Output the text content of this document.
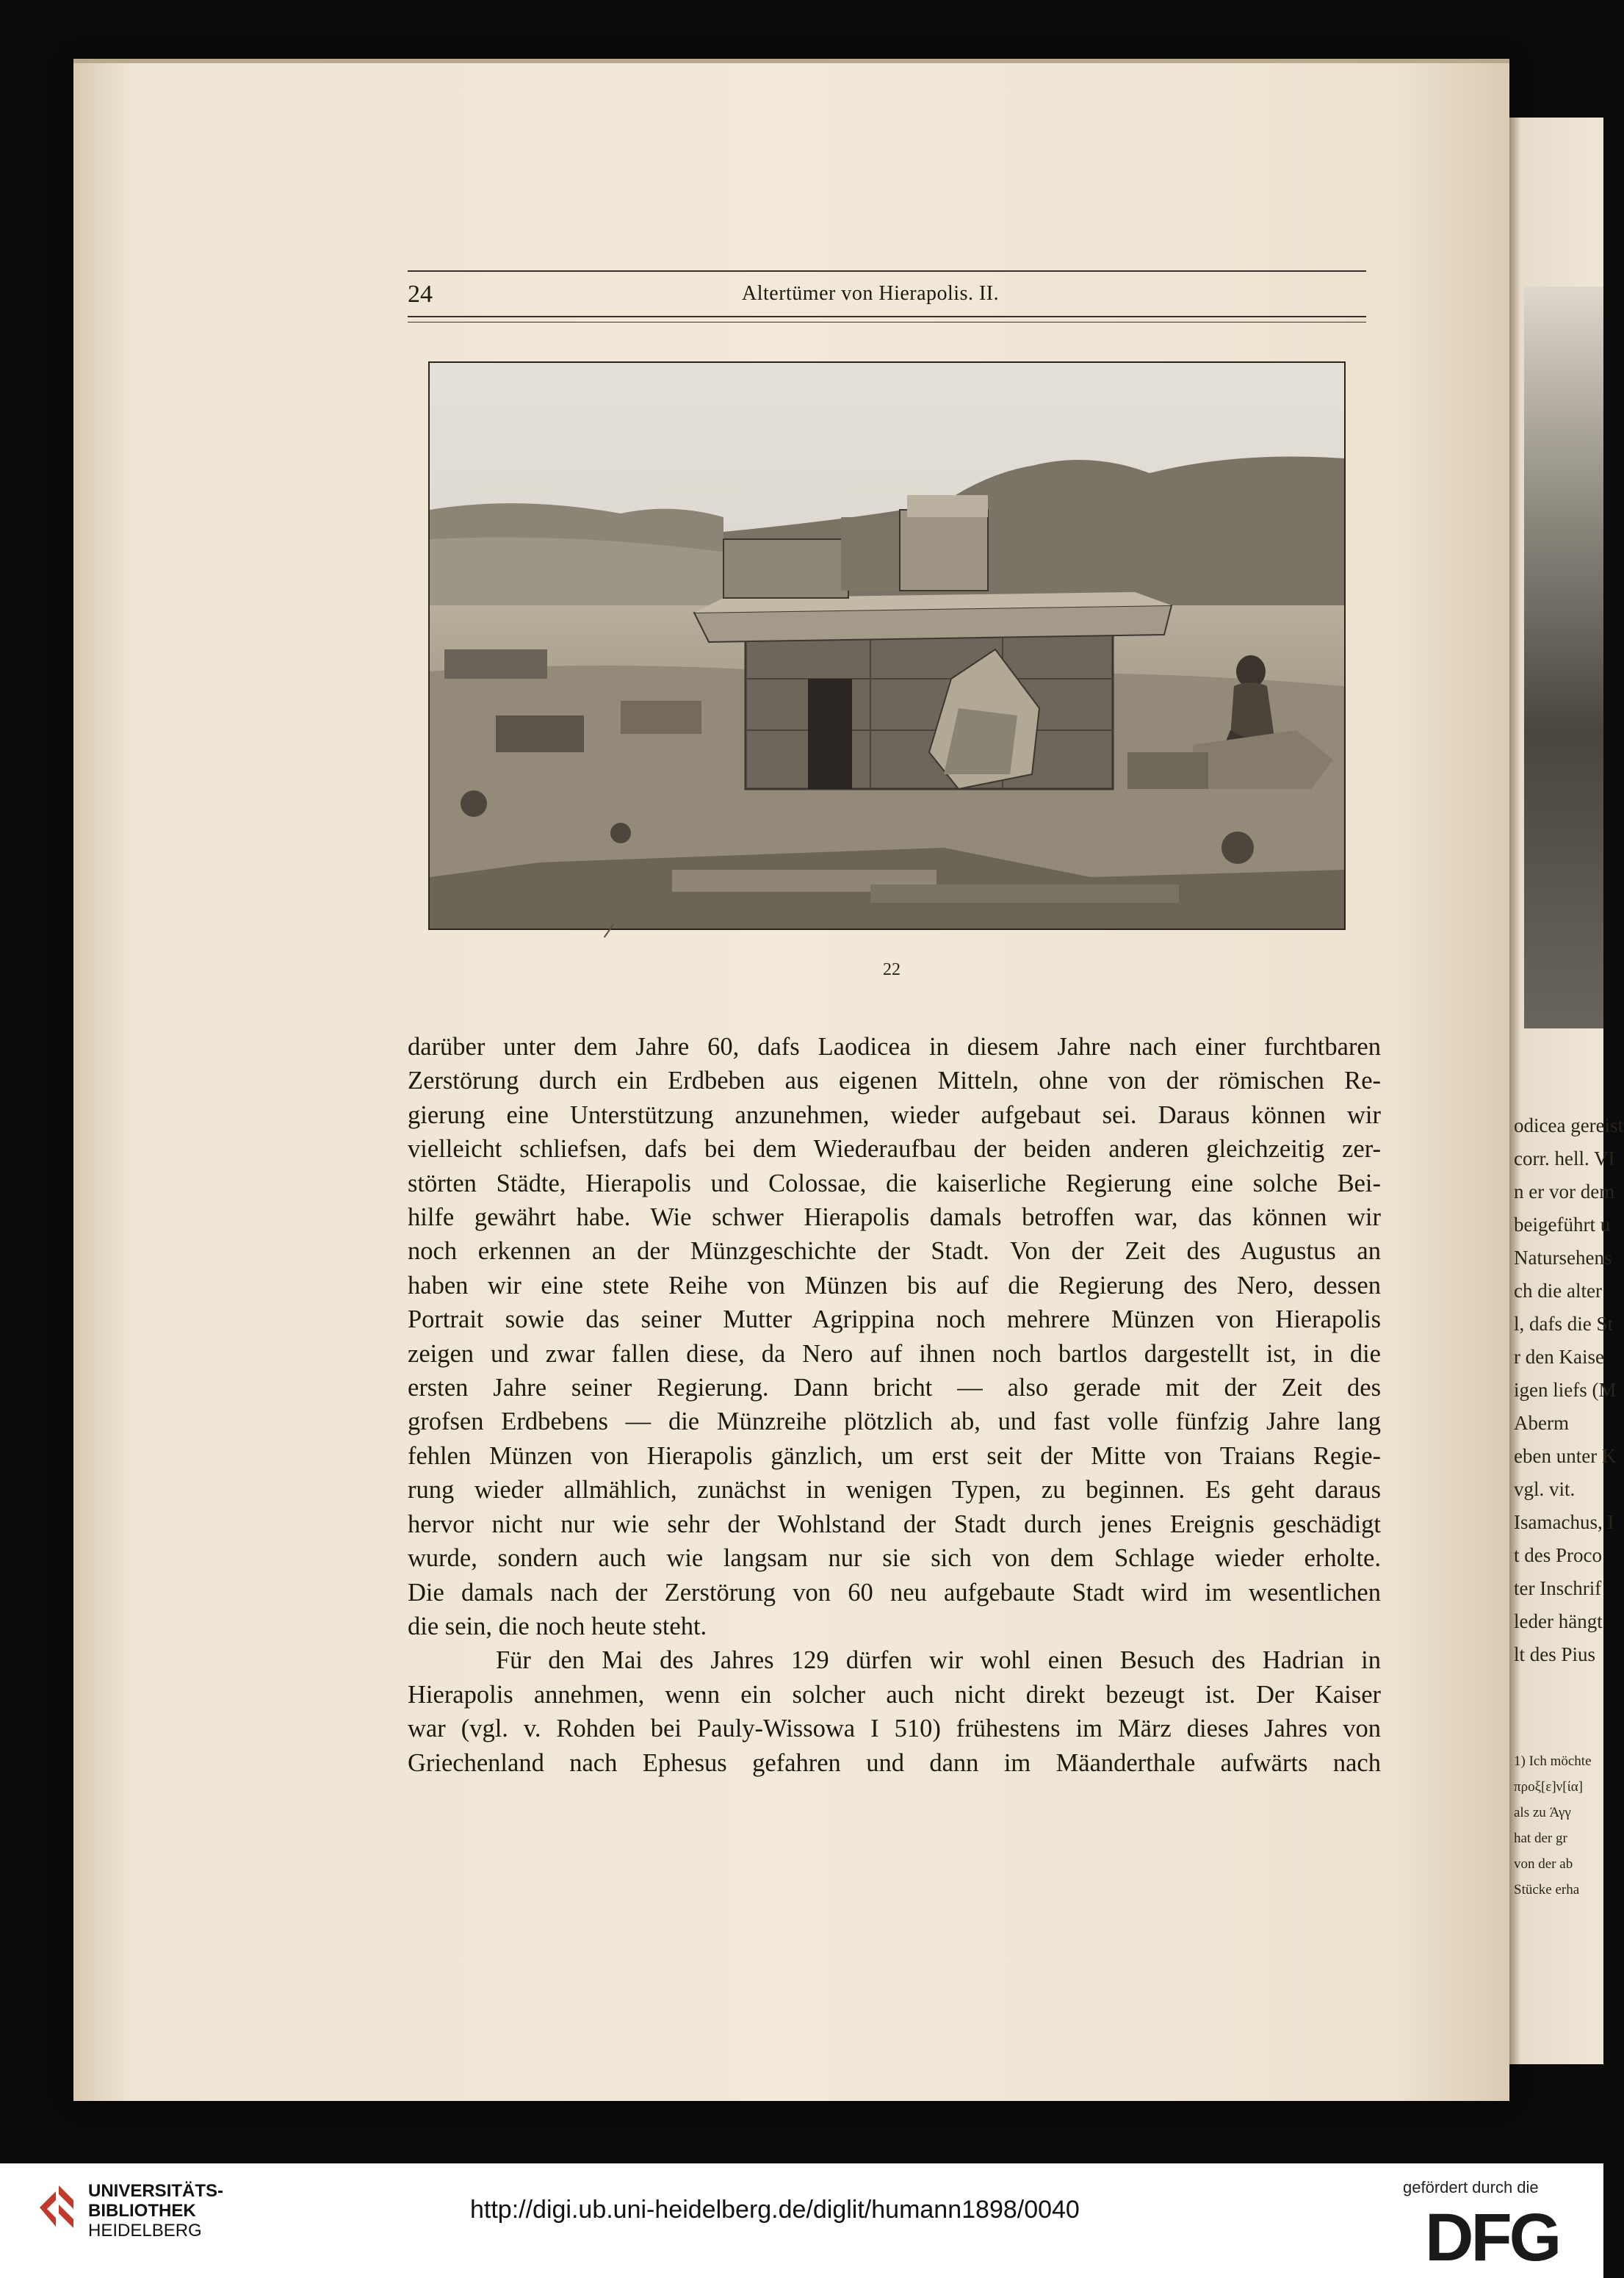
odicea gereist
corr. hell. VI
n er vor dem
beigeführt u
Natursehens
ch die alter
l, dafs die St
r den Kaise
igen liefs (M
Aberm
eben unter K
vgl. vit.
Isamachus, I
t des Proco
ter Inschrif
leder hängt
lt des Pius
1) Ich möchte
προξ[ε]ν[ία]
als zu Άγγ
hat der gr
von der ab
Stücke erha
24	Altertümer von Hierapolis. II.
22
darüber unter dem Jahre 60, dafs Laodicea in diesem Jahre nach einer furchtbaren
Zerstörung durch ein Erdbeben aus eigenen Mitteln, ohne von der römischen Re-
gierung eine Unterstützung anzunehmen, wieder aufgebaut sei. Daraus können wir
vielleicht schliefsen, dafs bei dem Wiederaufbau der beiden anderen gleichzeitig zer-
störten Städte, Hierapolis und Colossae, die kaiserliche Regierung eine solche Bei-
hilfe gewährt habe. Wie schwer Hierapolis damals betroffen war, das können wir
noch erkennen an der Münzgeschichte der Stadt. Von der Zeit des Augustus an
haben wir eine stete Reihe von Münzen bis auf die Regierung des Nero, dessen
Portrait sowie das seiner Mutter Agrippina noch mehrere Münzen von Hierapolis
zeigen und zwar fallen diese, da Nero auf ihnen noch bartlos dargestellt ist, in die
ersten Jahre seiner Regierung. Dann bricht — also gerade mit der Zeit des
grofsen Erdbebens — die Münzreihe plötzlich ab, und fast volle fünfzig Jahre lang
fehlen Münzen von Hierapolis gänzlich, um erst seit der Mitte von Traians Regie-
rung wieder allmählich, zunächst in wenigen Typen, zu beginnen. Es geht daraus
hervor nicht nur wie sehr der Wohlstand der Stadt durch jenes Ereignis geschädigt
wurde, sondern auch wie langsam nur sie sich von dem Schlage wieder erholte.
Die damals nach der Zerstörung von 60 neu aufgebaute Stadt wird im wesentlichen
die sein, die noch heute steht.
Für den Mai des Jahres 129 dürfen wir wohl einen Besuch des Hadrian in
Hierapolis annehmen, wenn ein solcher auch nicht direkt bezeugt ist. Der Kaiser
war (vgl. v. Rohden bei Pauly-Wissowa I 510) frühestens im März dieses Jahres von
Griechenland nach Ephesus gefahren und dann im Mäanderthale aufwärts nach
UNIVERSITÄTS-
BIBLIOTHEK
HEIDELBERG
http://digi.ub.uni-heidelberg.de/diglit/humann1898/0040
gefördert durch die
DFG
